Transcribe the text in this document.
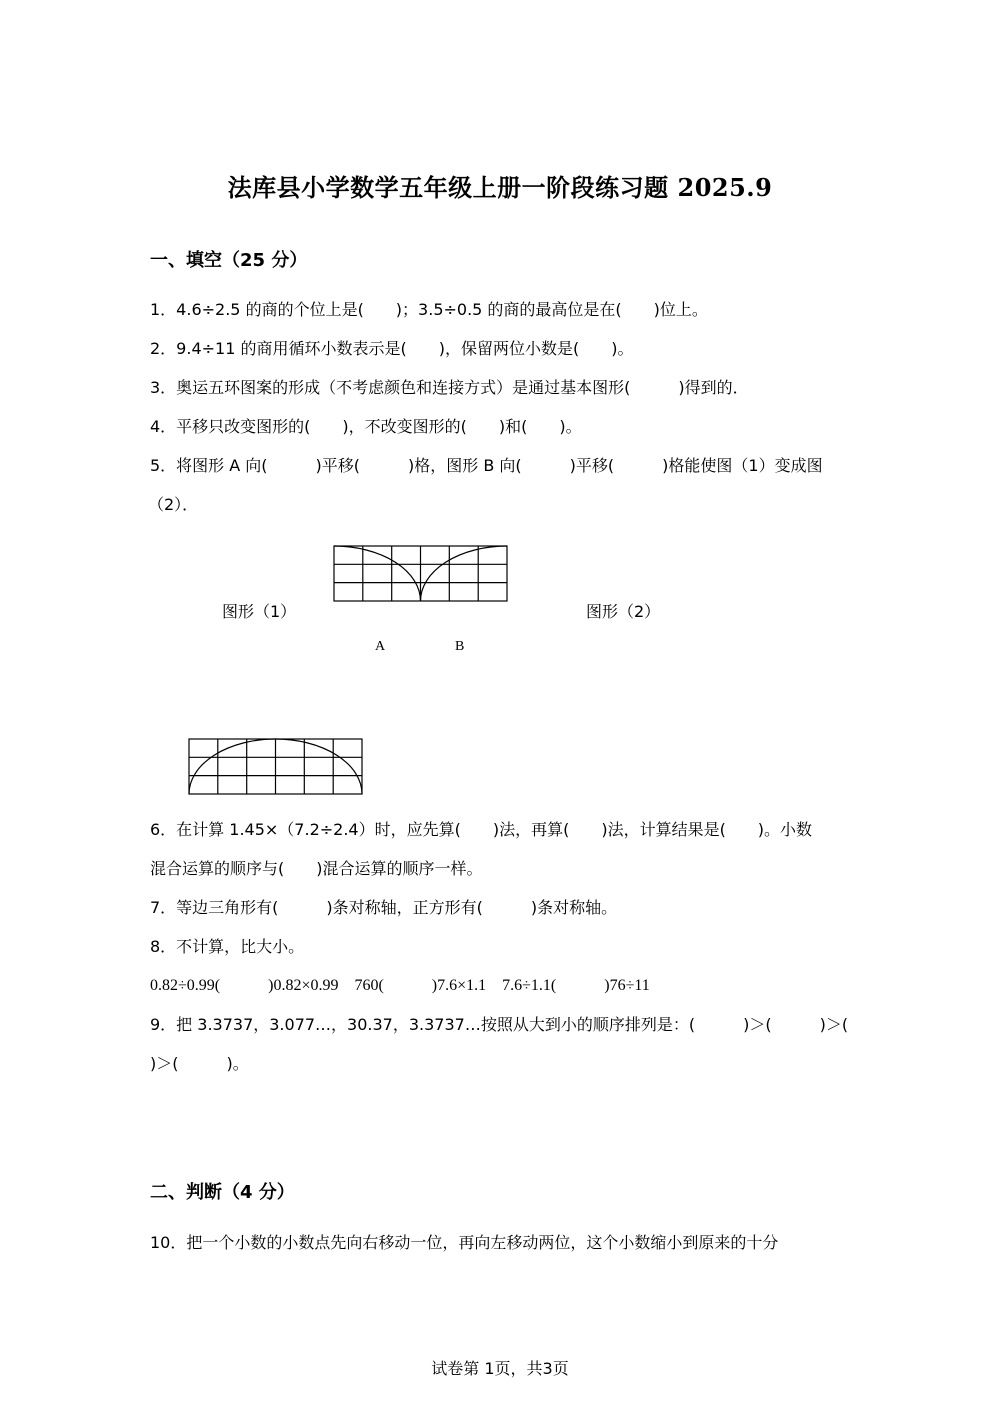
法库县小学数学五年级上册一阶段练习题 2025.9
一、填空（25 分）
1．4.6÷2.5 的商的个位上是(　　)；3.5÷0.5 的商的最高位是在(　　)位上。
2．9.4÷11 的商用循环小数表示是(　　)，保留两位小数是(　　)。
3．奥运五环图案的形成（不考虑颜色和连接方式）是通过基本图形(　　　)得到的．
4．平移只改变图形的(　　)，不改变图形的(　　)和(　　)。
5．将图形 A 向(　　　)平移(　　　)格，图形 B 向(　　　)平移(　　　)格能使图（1）变成图
（2）．
图形（1）	图形（2）
A	B
6．在计算 1.45×（7.2÷2.4）时，应先算(　　)法，再算(　　)法，计算结果是(　　)。小数
混合运算的顺序与(　　)混合运算的顺序一样。
7．等边三角形有(　　　)条对称轴，正方形有(　　　)条对称轴。
8．不计算，比大小。
0.82÷0.99(　　　)0.82×0.99　760(　　　)7.6×1.1　7.6÷1.1(　　　)76÷11
9．把 3.3737，3.077…，30.37，3.3737…按照从大到小的顺序排列是：(　　　)＞(　　　)＞(
)＞(　　　)。
二、判断（4 分）
10．把一个小数的小数点先向右移动一位，再向左移动两位，这个小数缩小到原来的十分
试卷第 1页，共3页
